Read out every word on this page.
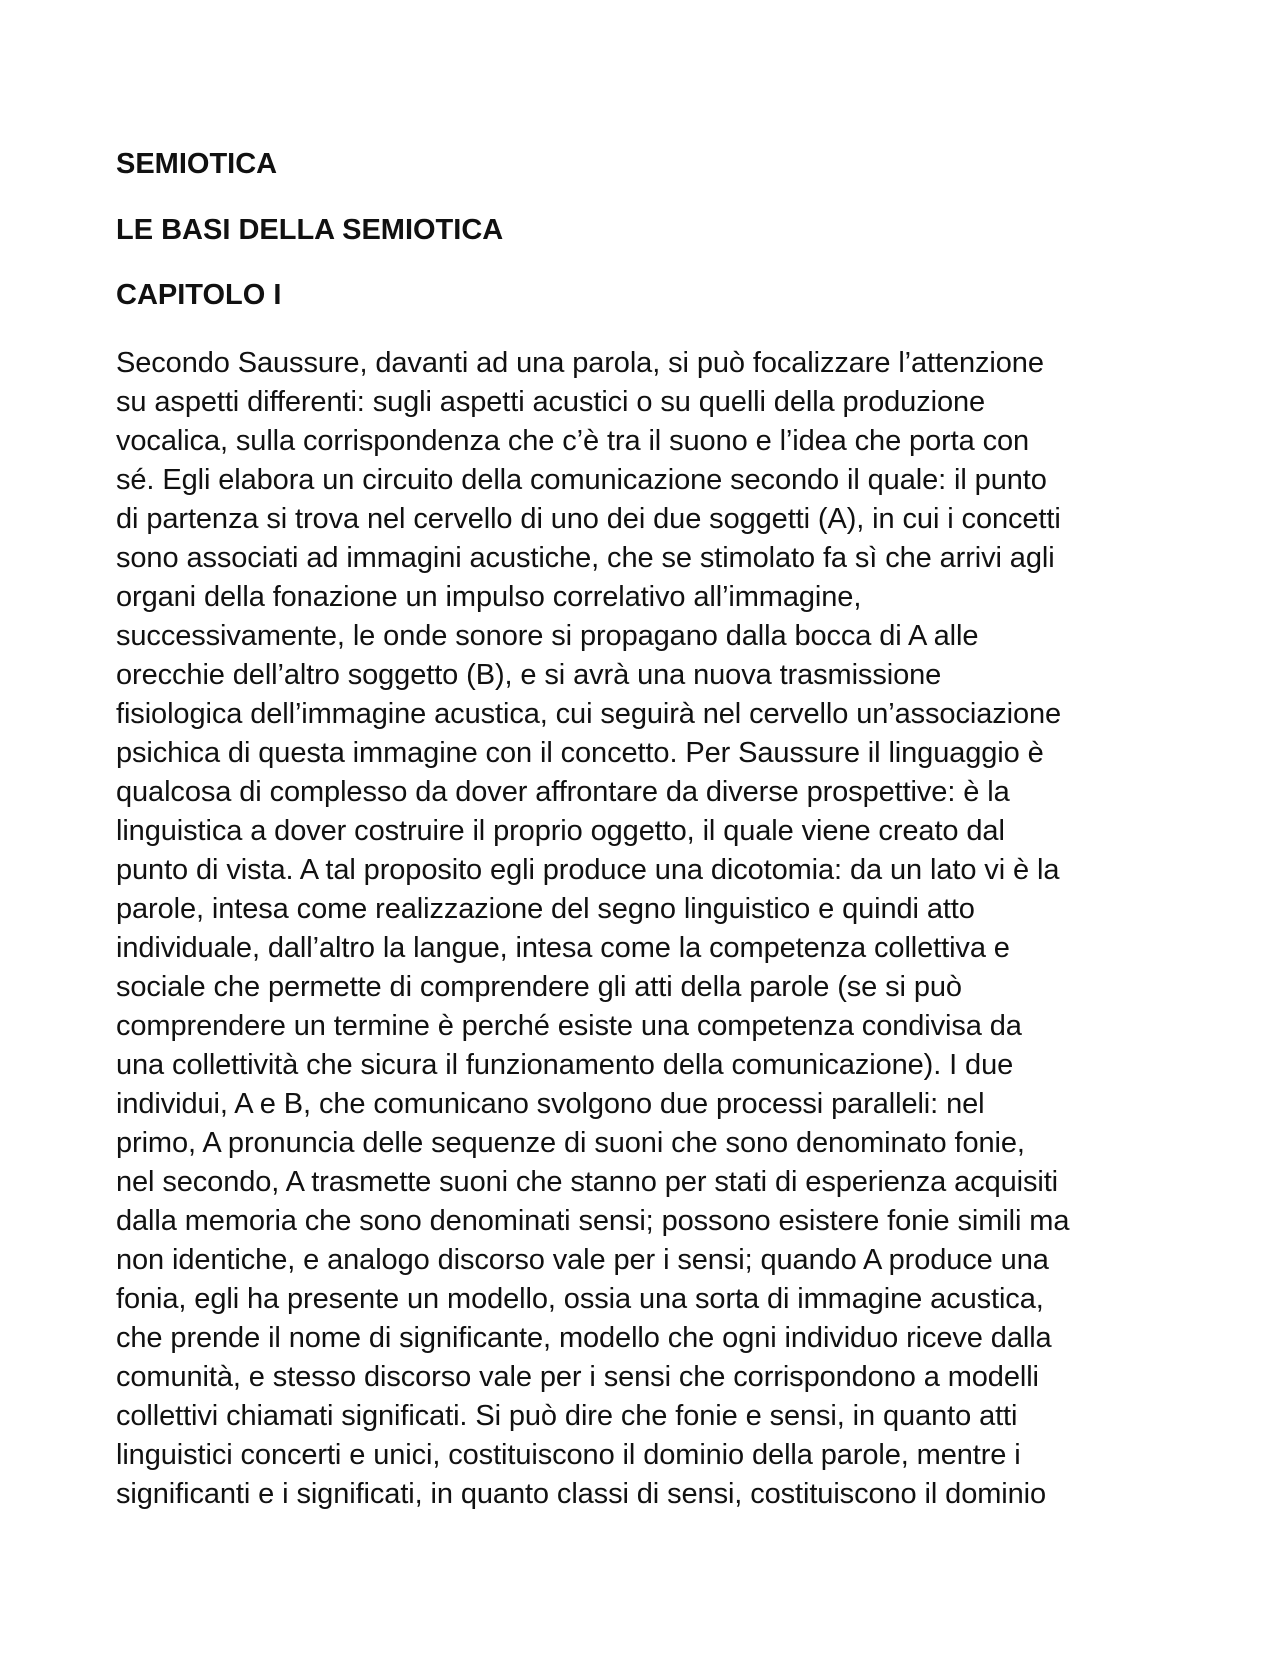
SEMIOTICA
LE BASI DELLA SEMIOTICA
CAPITOLO I
Secondo Saussure, davanti ad una parola, si può focalizzare l’attenzione
su aspetti differenti: sugli aspetti acustici o su quelli della produzione
vocalica, sulla corrispondenza che c’è tra il suono e l’idea che porta con
sé. Egli elabora un circuito della comunicazione secondo il quale: il punto
di partenza si trova nel cervello di uno dei due soggetti (A), in cui i concetti
sono associati ad immagini acustiche, che se stimolato fa sì che arrivi agli
organi della fonazione un impulso correlativo all’immagine,
successivamente, le onde sonore si propagano dalla bocca di A alle
orecchie dell’altro soggetto (B), e si avrà una nuova trasmissione
fisiologica dell’immagine acustica, cui seguirà nel cervello un’associazione
psichica di questa immagine con il concetto. Per Saussure il linguaggio è
qualcosa di complesso da dover affrontare da diverse prospettive: è la
linguistica a dover costruire il proprio oggetto, il quale viene creato dal
punto di vista. A tal proposito egli produce una dicotomia: da un lato vi è la
parole, intesa come realizzazione del segno linguistico e quindi atto
individuale, dall’altro la langue, intesa come la competenza collettiva e
sociale che permette di comprendere gli atti della parole (se si può
comprendere un termine è perché esiste una competenza condivisa da
una collettività che sicura il funzionamento della comunicazione). I due
individui, A e B, che comunicano svolgono due processi paralleli: nel
primo, A pronuncia delle sequenze di suoni che sono denominato fonie,
nel secondo, A trasmette suoni che stanno per stati di esperienza acquisiti
dalla memoria che sono denominati sensi; possono esistere fonie simili ma
non identiche, e analogo discorso vale per i sensi; quando A produce una
fonia, egli ha presente un modello, ossia una sorta di immagine acustica,
che prende il nome di significante, modello che ogni individuo riceve dalla
comunità, e stesso discorso vale per i sensi che corrispondono a modelli
collettivi chiamati significati. Si può dire che fonie e sensi, in quanto atti
linguistici concerti e unici, costituiscono il dominio della parole, mentre i
significanti e i significati, in quanto classi di sensi, costituiscono il dominio
